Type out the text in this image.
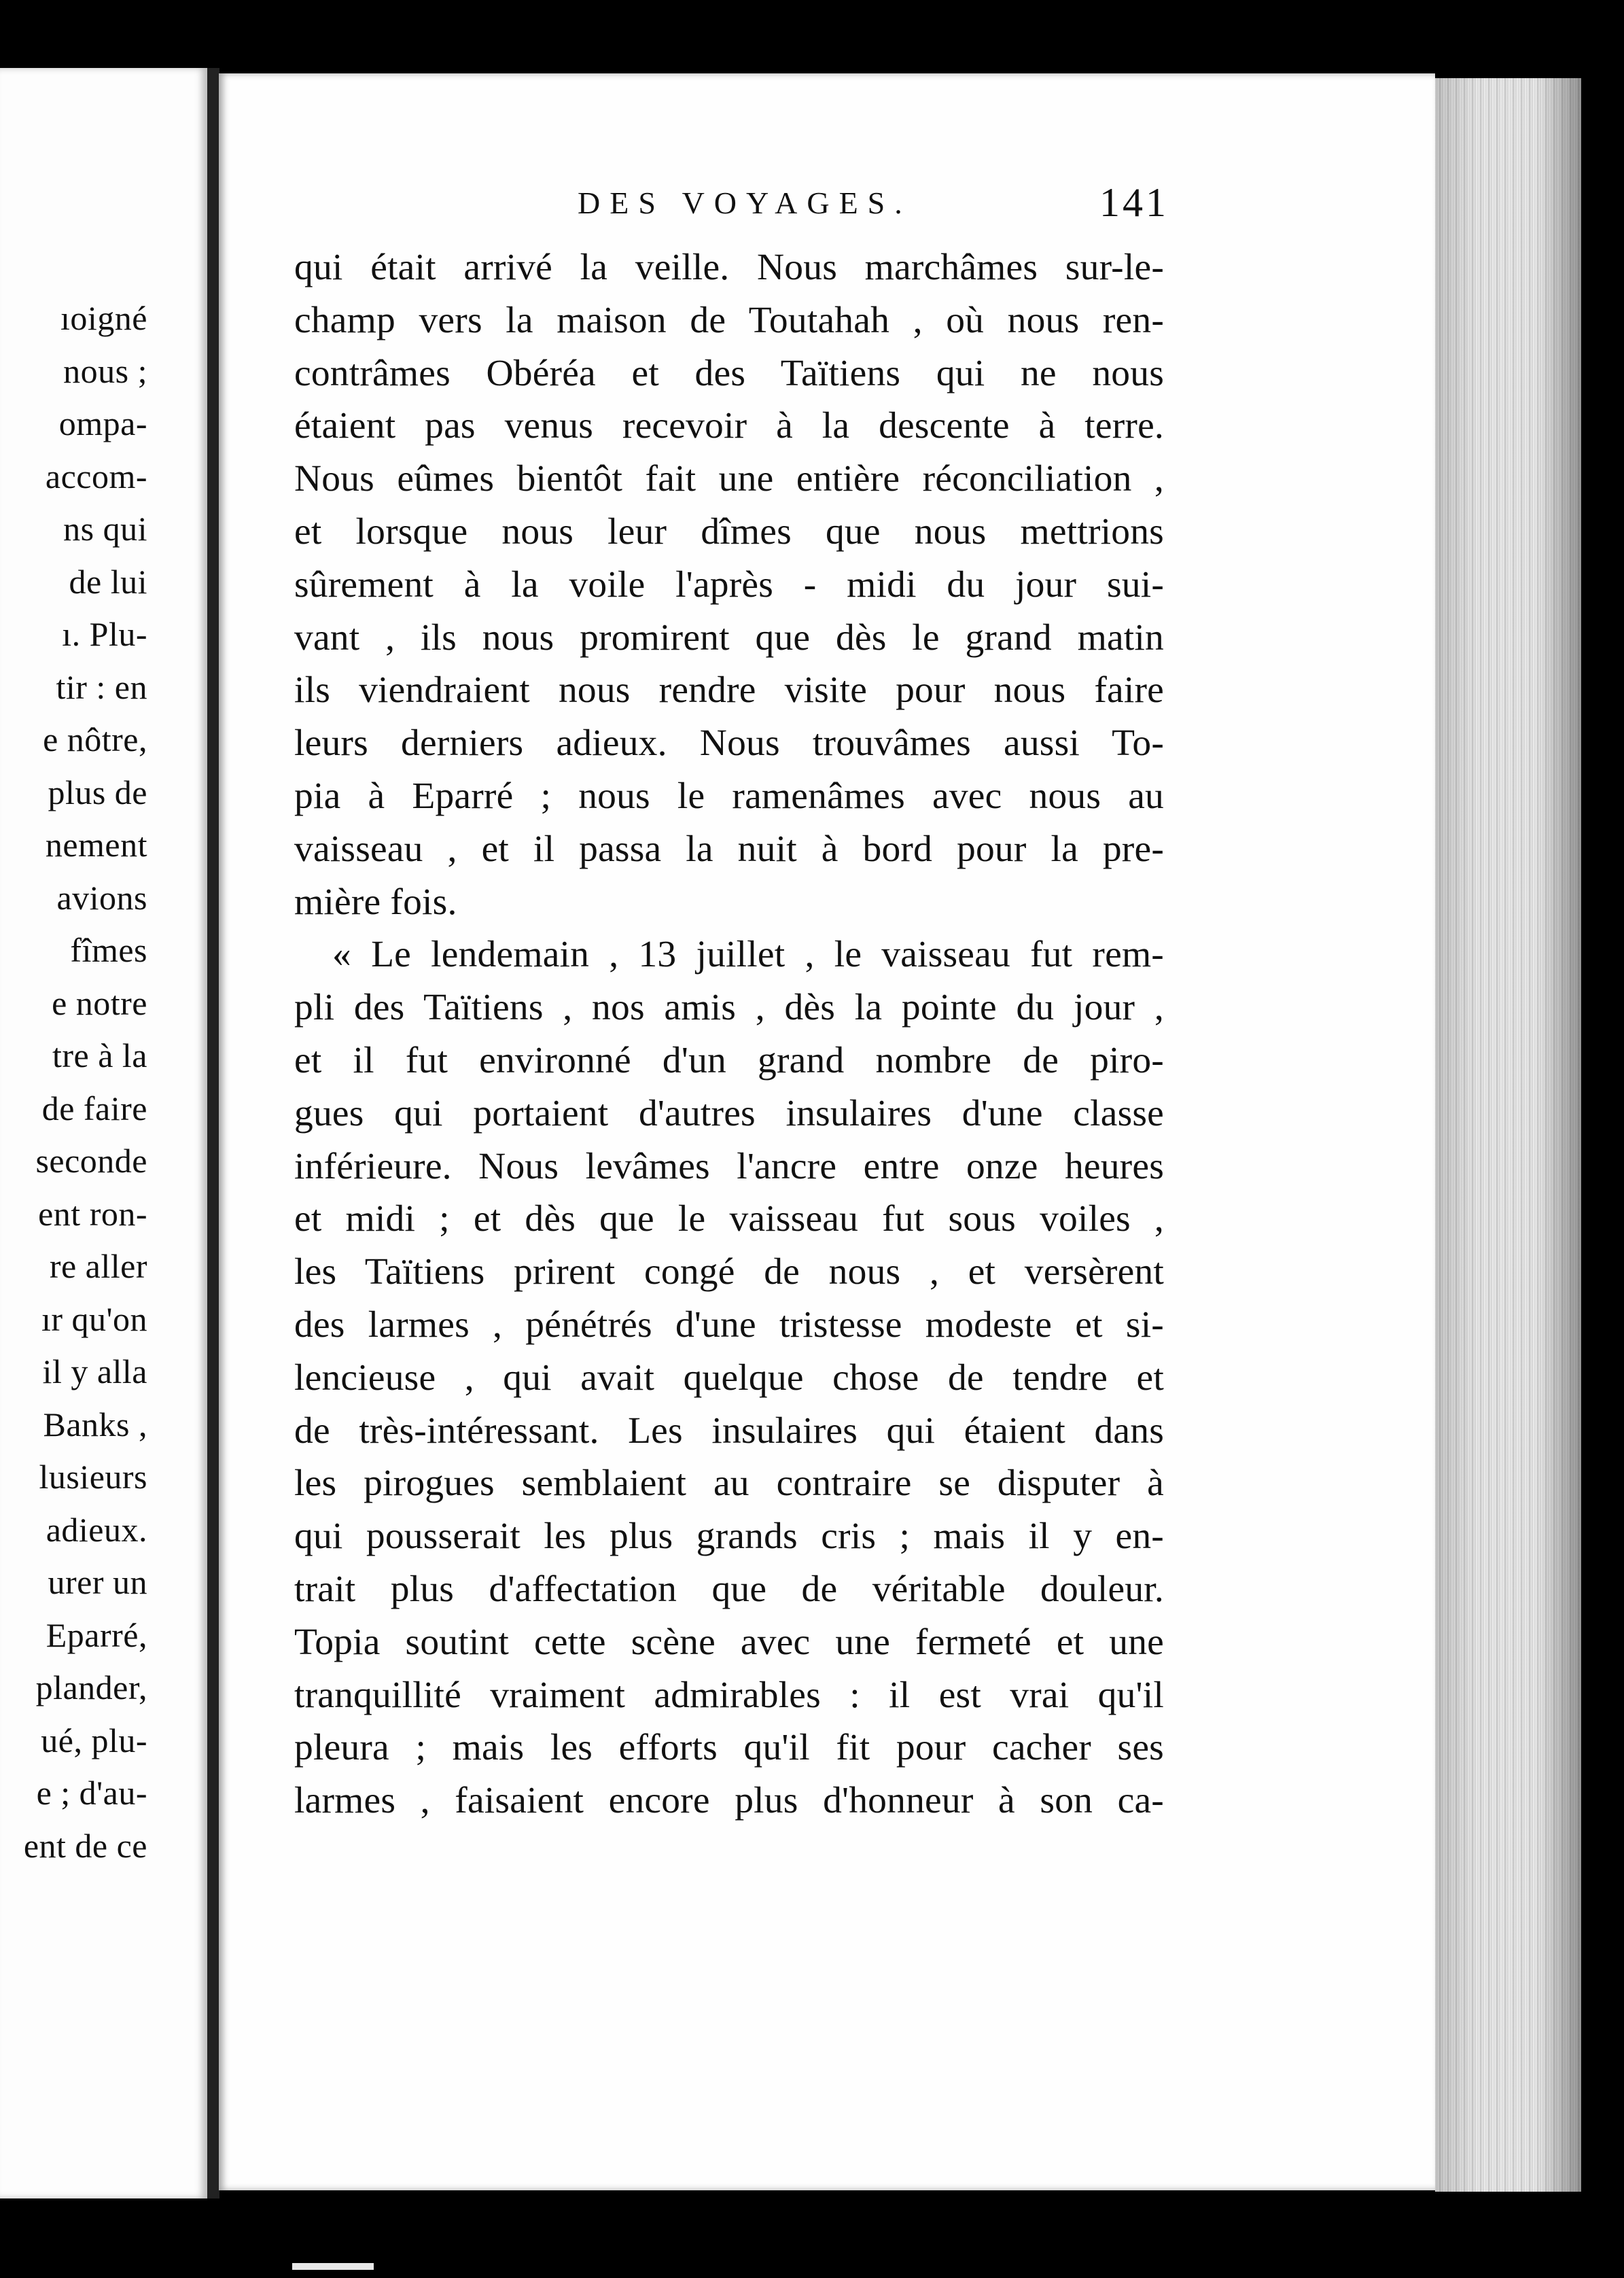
ıoigné
nous ;
ompa-
accom-
ns qui
de lui
ı. Plu-
tir : en
e nôtre,
plus de
nement
avions
fîmes
e notre
tre à la
de faire
seconde
ent ron-
re aller
ır qu'on
il y alla
Banks ,
lusieurs
adieux.
urer un
Eparré,
plander,
ué, plu-
e ; d'au-
ent de ce
DES VOYAGES.	141
qui était arrivé la veille. Nous marchâmes sur-le-
champ vers la maison de Toutahah , où nous ren-
contrâmes Obéréa et des Taïtiens qui ne nous
étaient pas venus recevoir à la descente à terre.
Nous eûmes bientôt fait une entière réconciliation ,
et lorsque nous leur dîmes que nous mettrions
sûrement à la voile l'après - midi du jour sui-
vant , ils nous promirent que dès le grand matin
ils viendraient nous rendre visite pour nous faire
leurs derniers adieux. Nous trouvâmes aussi To-
pia à Eparré ; nous le ramenâmes avec nous au
vaisseau , et il passa la nuit à bord pour la pre-
mière fois.
« Le lendemain , 13 juillet , le vaisseau fut rem-
pli des Taïtiens , nos amis , dès la pointe du jour ,
et il fut environné d'un grand nombre de piro-
gues qui portaient d'autres insulaires d'une classe
inférieure. Nous levâmes l'ancre entre onze heures
et midi ; et dès que le vaisseau fut sous voiles ,
les Taïtiens prirent congé de nous , et versèrent
des larmes , pénétrés d'une tristesse modeste et si-
lencieuse , qui avait quelque chose de tendre et
de très-intéressant. Les insulaires qui étaient dans
les pirogues semblaient au contraire se disputer à
qui pousserait les plus grands cris ; mais il y en-
trait plus d'affectation que de véritable douleur.
Topia soutint cette scène avec une fermeté et une
tranquillité vraiment admirables : il est vrai qu'il
pleura ; mais les efforts qu'il fit pour cacher ses
larmes , faisaient encore plus d'honneur à son ca-
